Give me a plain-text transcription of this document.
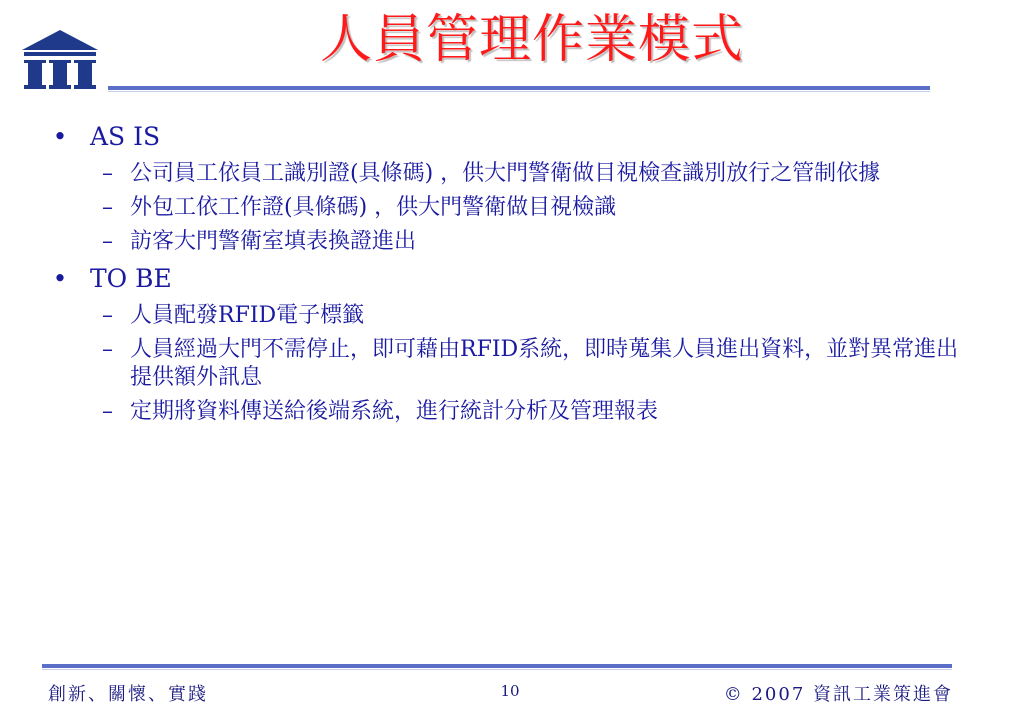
人員管理作業模式
• AS IS
– 公司員工依員工識別證(具條碼) ，供大門警衛做目視檢查識別放行之管制依據
– 外包工依工作證(具條碼) ，供大門警衛做目視檢識
– 訪客大門警衛室填表換證進出
• TO BE
– 人員配發RFID電子標籤
– 人員經過大門不需停止，即可藉由RFID系統，即時蒐集人員進出資料，並對異常進出提供額外訊息
– 定期將資料傳送給後端系統，進行統計分析及管理報表
創新、關懷、實踐	10	© 2007 資訊工業策進會
